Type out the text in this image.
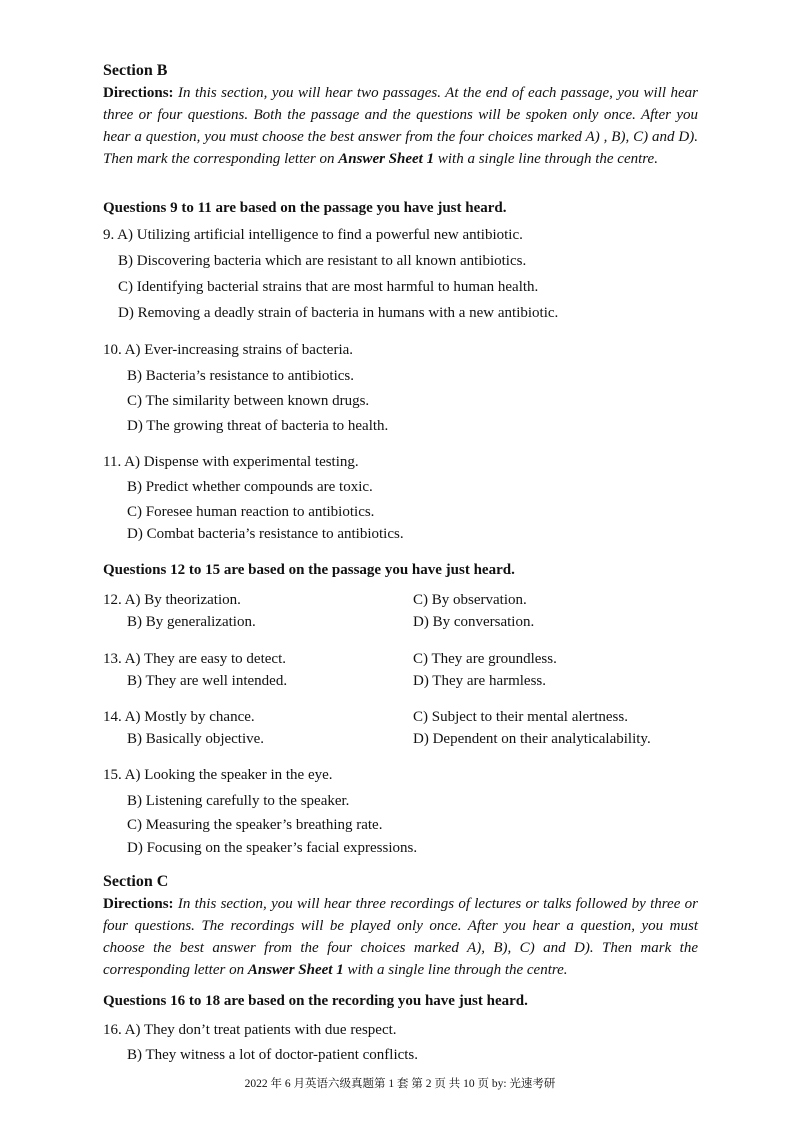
Section B
Directions: In this section, you will hear two passages. At the end of each passage, you will hear three or four questions. Both the passage and the questions will be spoken only once. After you hear a question, you must choose the best answer from the four choices marked A) , B), C) and D). Then mark the corresponding letter on Answer Sheet 1 with a single line through the centre.
Questions 9 to 11 are based on the passage you have just heard.
9. A) Utilizing artificial intelligence to find a powerful new antibiotic.
B) Discovering bacteria which are resistant to all known antibiotics.
C) Identifying bacterial strains that are most harmful to human health.
D) Removing a deadly strain of bacteria in humans with a new antibiotic.
10. A) Ever-increasing strains of bacteria.
B) Bacteria’s resistance to antibiotics.
C) The similarity between known drugs.
D) The growing threat of bacteria to health.
11. A) Dispense with experimental testing.
B) Predict whether compounds are toxic.
C) Foresee human reaction to antibiotics.
D) Combat bacteria’s resistance to antibiotics.
Questions 12 to 15 are based on the passage you have just heard.
12. A) By theorization.	C) By observation.
B) By generalization.	D) By conversation.
13. A) They are easy to detect.	C) They are groundless.
B) They are well intended.	D) They are harmless.
14. A) Mostly by chance.	C) Subject to their mental alertness.
B) Basically objective.	D) Dependent on their analyticalability.
15. A) Looking the speaker in the eye.
B) Listening carefully to the speaker.
C) Measuring the speaker’s breathing rate.
D) Focusing on the speaker’s facial expressions.
Section C
Directions: In this section, you will hear three recordings of lectures or talks followed by three or four questions. The recordings will be played only once. After you hear a question, you must choose the best answer from the four choices marked A), B), C) and D). Then mark the corresponding letter on Answer Sheet 1 with a single line through the centre.
Questions 16 to 18 are based on the recording you have just heard.
16. A) They don’t treat patients with due respect.
B) They witness a lot of doctor-patient conflicts.
2022 年 6 月英语六级真题第 1 套 第 2 页 共 10 页 by: 光速考研
